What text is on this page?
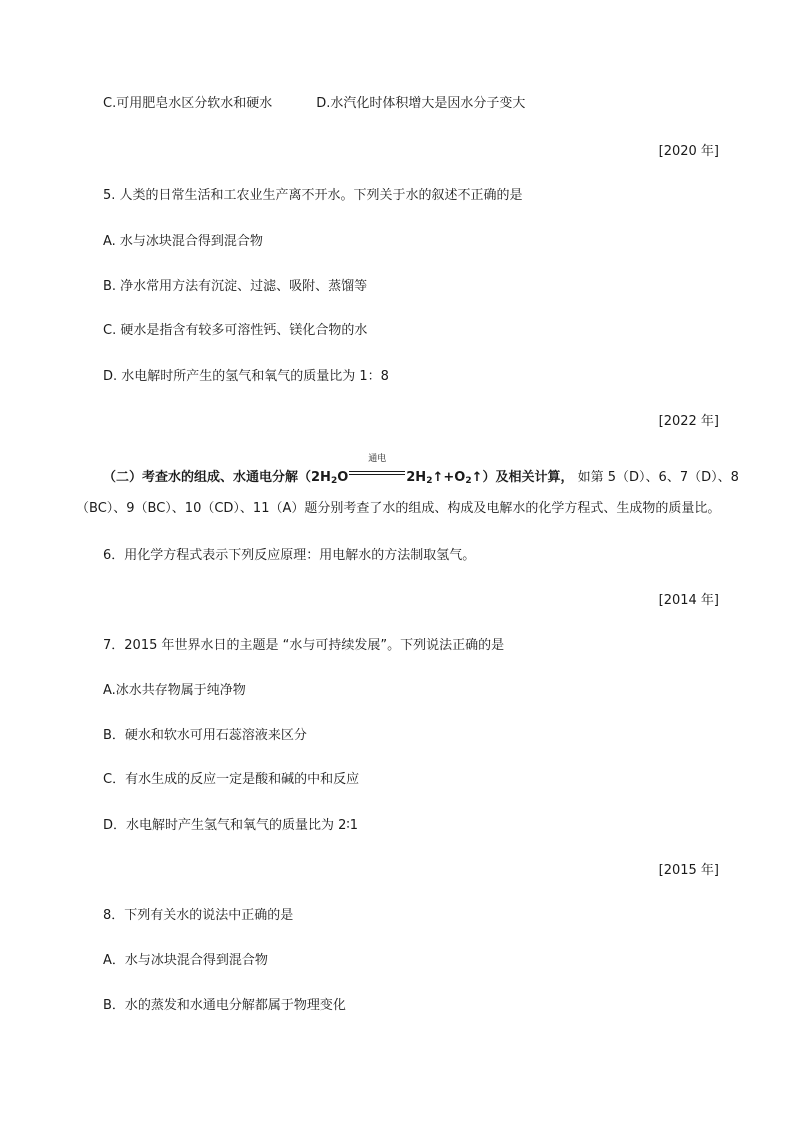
C.可用肥皂水区分软水和硬水	D.水汽化时体积增大是因水分子变大
[2020 年]
5. 人类的日常生活和工农业生产离不开水。下列关于水的叙述不正确的是
A. 水与冰块混合得到混合物
B. 净水常用方法有沉淀、过滤、吸附、蒸馏等
C. 硬水是指含有较多可溶性钙、镁化合物的水
D. 水电解时所产生的氢气和氧气的质量比为 1：8
[2022 年]
（二）考查水的组成、水通电分解（$2H_2O$
通电
$2H_2↑+O_2↑$）及相关计算， 如第 5（D）、6、7（D）、8
（BC）、9（BC）、10（CD）、11（A）题分别考查了水的组成、构成及电解水的化学方程式、生成物的质量比。
6．用化学方程式表示下列反应原理：用电解水的方法制取氢气。
[2014 年]
7．2015 年世界水日的主题是 “水与可持续发展”。下列说法正确的是
A.冰水共存物属于纯净物
B．硬水和软水可用石蕊溶液来区分
C．有水生成的反应一定是酸和碱的中和反应
D．水电解时产生氢气和氧气的质量比为 2∶1
[2015 年]
8．下列有关水的说法中正确的是
A．水与冰块混合得到混合物
B．水的蒸发和水通电分解都属于物理变化
